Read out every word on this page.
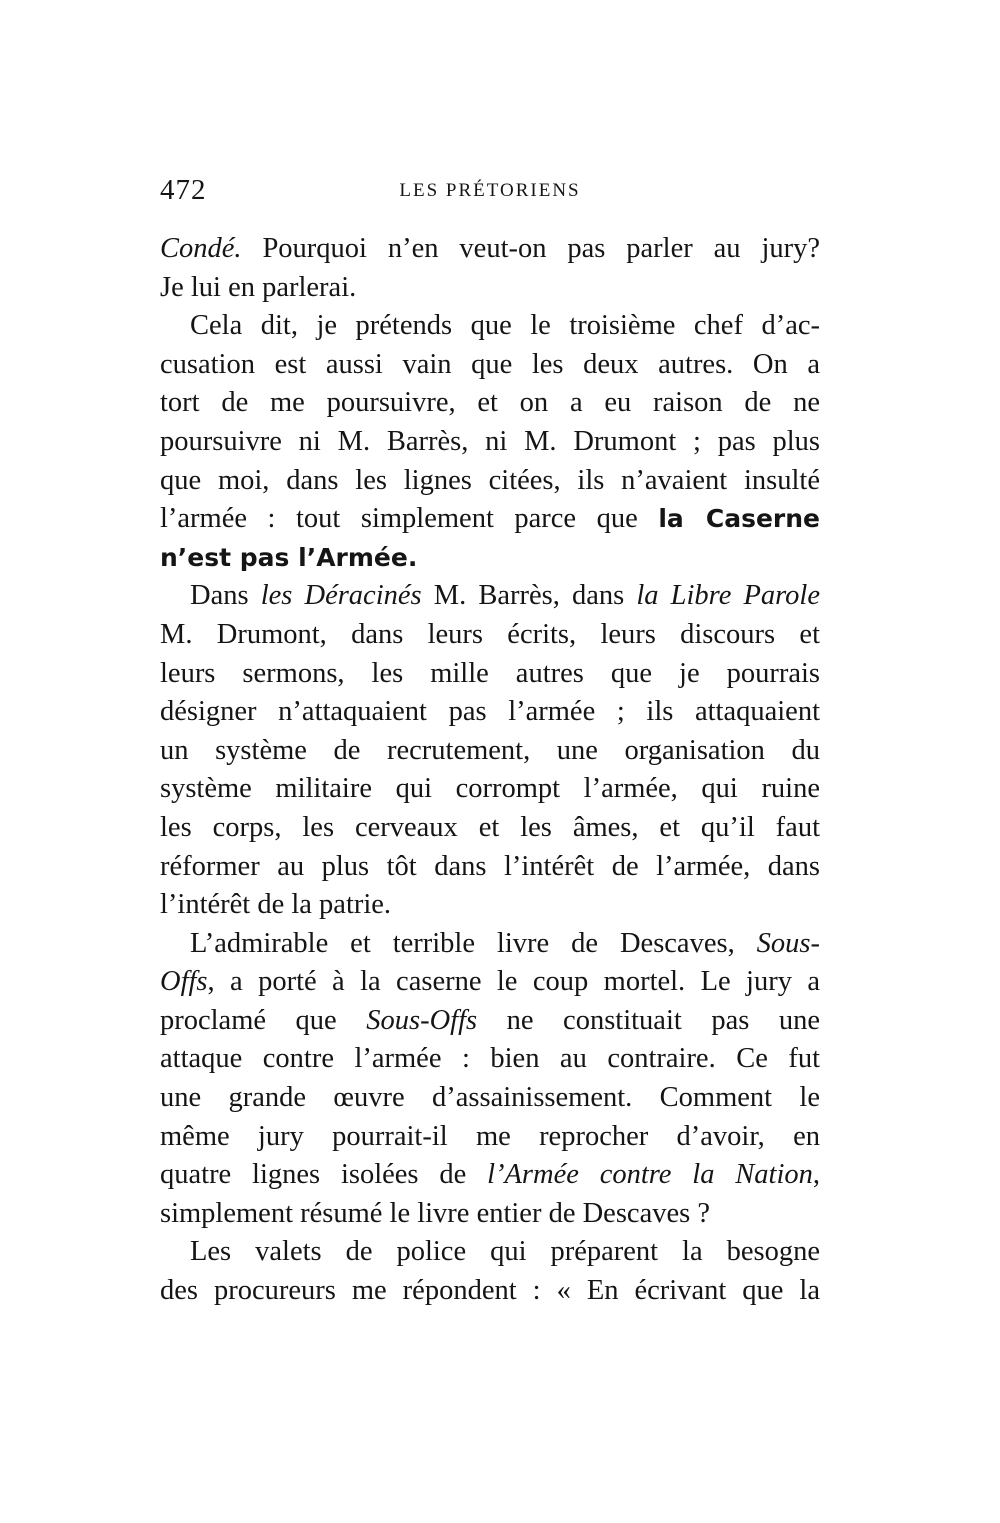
472	LES PRÉTORIENS
Condé. Pourquoi n’en veut-on pas parler au jury?
Je lui en parlerai.
Cela dit, je prétends que le troisième chef d’ac-
cusation est aussi vain que les deux autres. On a
tort de me poursuivre, et on a eu raison de ne
poursuivre ni M. Barrès, ni M. Drumont ; pas plus
que moi, dans les lignes citées, ils n’avaient insulté
l’armée : tout simplement parce que la Caserne
n’est pas l’Armée.
Dans les Déracinés M. Barrès, dans la Libre Parole
M. Drumont, dans leurs écrits, leurs discours et
leurs sermons, les mille autres que je pourrais
désigner n’attaquaient pas l’armée ; ils attaquaient
un système de recrutement, une organisation du
système militaire qui corrompt l’armée, qui ruine
les corps, les cerveaux et les âmes, et qu’il faut
réformer au plus tôt dans l’intérêt de l’armée, dans
l’intérêt de la patrie.
L’admirable et terrible livre de Descaves, Sous-
Offs, a porté à la caserne le coup mortel. Le jury a
proclamé que Sous-Offs ne constituait pas une
attaque contre l’armée : bien au contraire. Ce fut
une grande œuvre d’assainissement. Comment le
même jury pourrait-il me reprocher d’avoir, en
quatre lignes isolées de l’Armée contre la Nation,
simplement résumé le livre entier de Descaves ?
Les valets de police qui préparent la besogne
des procureurs me répondent : « En écrivant que la
